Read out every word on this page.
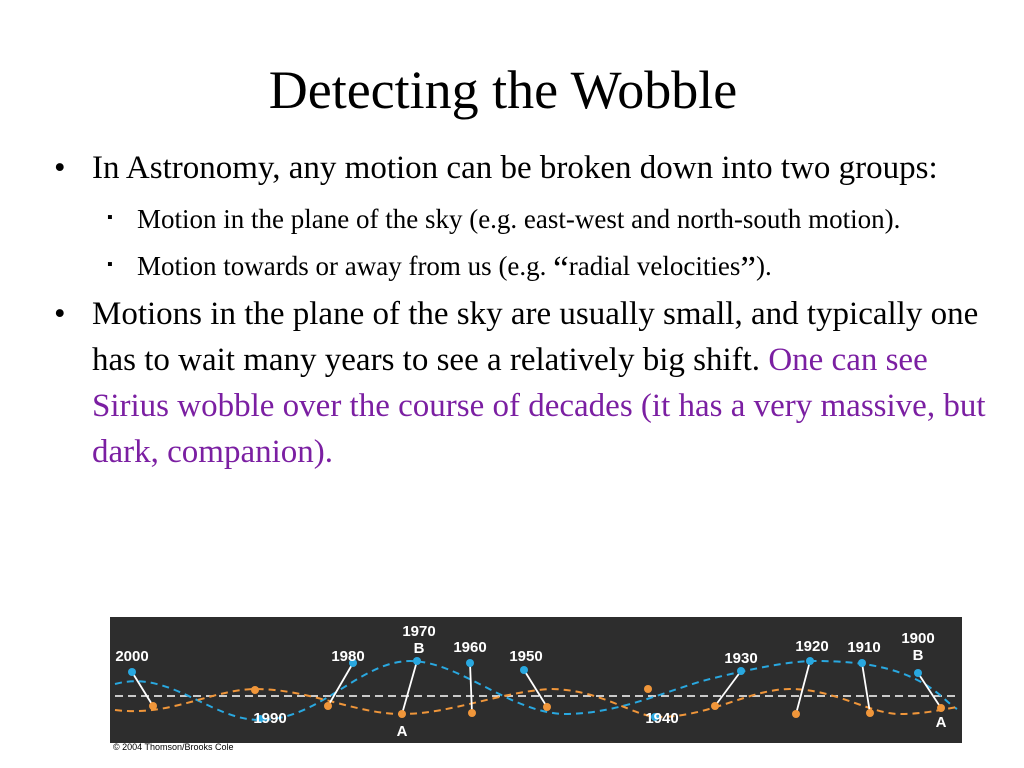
Detecting the Wobble
• In Astronomy, any motion can be broken down into two groups:
▪ Motion in the plane of the sky (e.g. east-west and north-south motion).
▪ Motion towards or away from us (e.g. “radial velocities”).
• Motions in the plane of the sky are usually small, and typically one has to wait many years to see a relatively big shift. One can see Sirius wobble over the course of decades (it has a very massive, but dark, companion).
2000	1980
1970
B 1960
1950	1930
1920 1910
1900
B
1990
A
1940	A
© 2004 Thomson/Brooks Cole
